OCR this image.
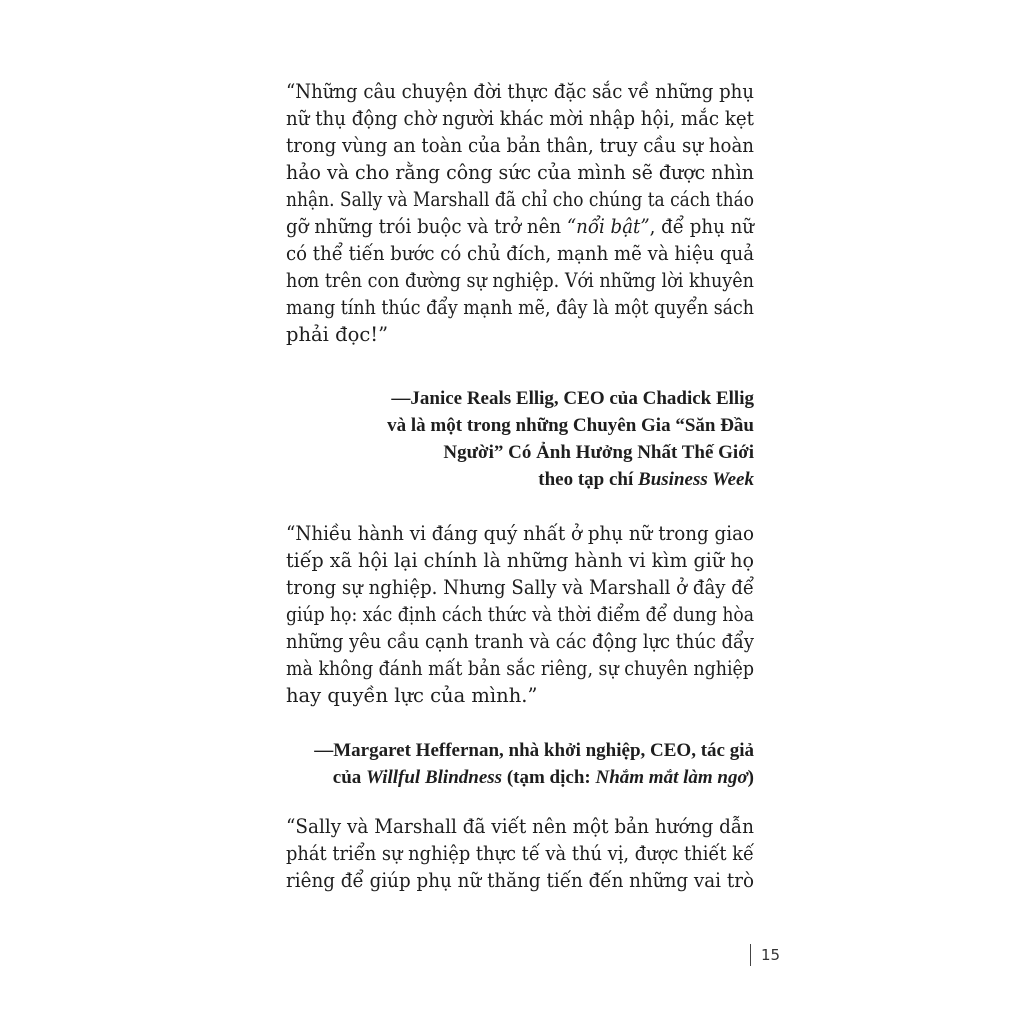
“Những câu chuyện đời thực đặc sắc về những phụ
nữ thụ động chờ người khác mời nhập hội, mắc kẹt
trong vùng an toàn của bản thân, truy cầu sự hoàn
hảo và cho rằng công sức của mình sẽ được nhìn
nhận. Sally và Marshall đã chỉ cho chúng ta cách tháo
gỡ những trói buộc và trở nên “nổi bật”, để phụ nữ
có thể tiến bước có chủ đích, mạnh mẽ và hiệu quả
hơn trên con đường sự nghiệp. Với những lời khuyên
mang tính thúc đẩy mạnh mẽ, đây là một quyển sách
phải đọc!”
—Janice Reals Ellig, CEO của Chadick Ellig
và là một trong những Chuyên Gia “Săn Đầu
Người” Có Ảnh Hưởng Nhất Thế Giới
theo tạp chí Business Week
“Nhiều hành vi đáng quý nhất ở phụ nữ trong giao
tiếp xã hội lại chính là những hành vi kìm giữ họ
trong sự nghiệp. Nhưng Sally và Marshall ở đây để
giúp họ: xác định cách thức và thời điểm để dung hòa
những yêu cầu cạnh tranh và các động lực thúc đẩy
mà không đánh mất bản sắc riêng, sự chuyên nghiệp
hay quyền lực của mình.”
—Margaret Heffernan, nhà khởi nghiệp, CEO, tác giả
của Willful Blindness (tạm dịch: Nhắm mắt làm ngơ)
“Sally và Marshall đã viết nên một bản hướng dẫn
phát triển sự nghiệp thực tế và thú vị, được thiết kế
riêng để giúp phụ nữ thăng tiến đến những vai trò
15
